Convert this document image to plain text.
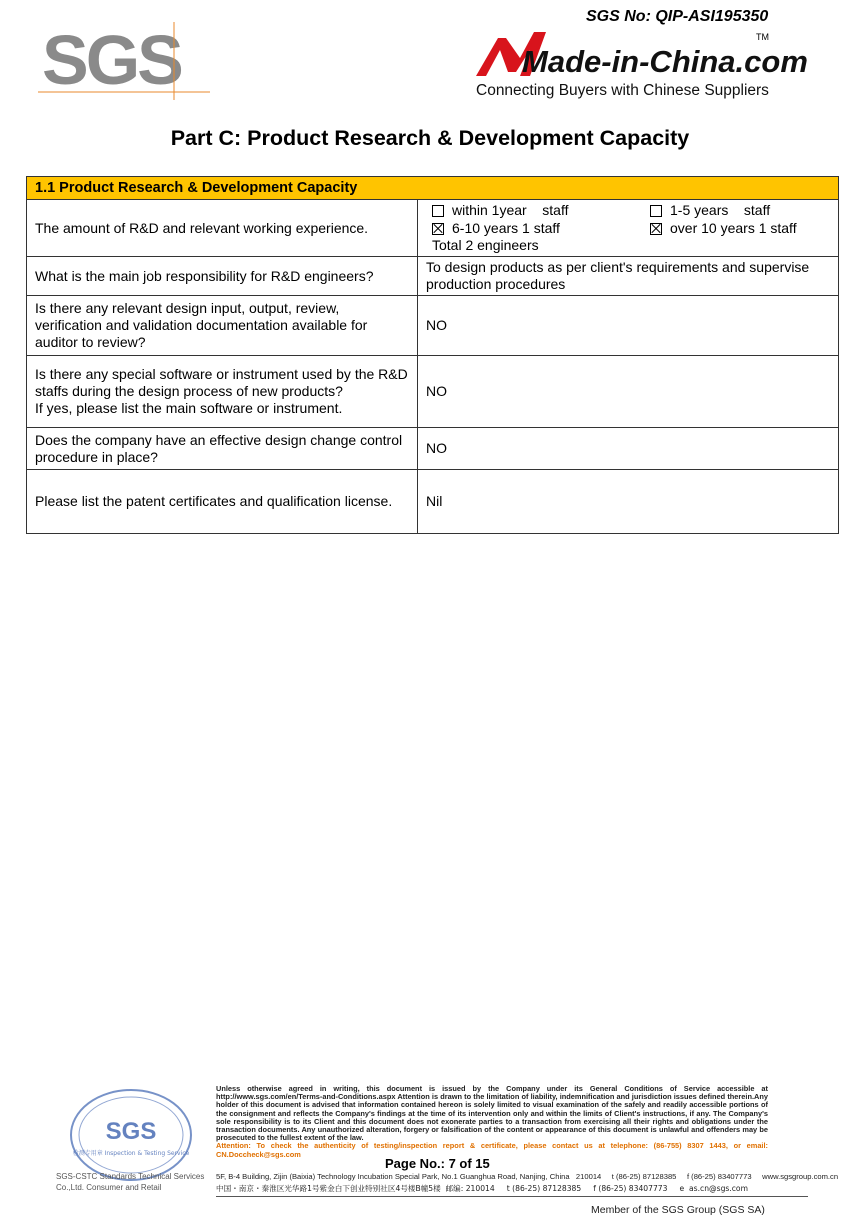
SGS
SGS No: QIP-ASI195350
Made-in-China.com
TM
Connecting Buyers with Chinese Suppliers
Part C: Product Research & Development Capacity
1.1 Product Research & Development Capacity	
The amount of R&D and relevant working experience.	within 1year    staff 1-5 years    staff
6-10 years 1 staff over 10 years 1 staff
Total 2 engineers

What is the main job responsibility for R&D engineers?	To design products as per client's requirements and supervise production procedures
Is there any relevant design input, output, review, verification and validation documentation available for auditor to review?	NO

Is there any special software or instrument used by the R&D staffs during the design process of new products?
If yes, please list the main software or instrument.	NO
Does the company have an effective design change control procedure in place?	NO
Please list the patent certificates and qualification license.	Nil
SGS
检测专用章 Inspection & Testing Service
Unless otherwise agreed in writing, this document is issued by the Company under its General Conditions of Service accessible at http://www.sgs.com/en/Terms-and-Conditions.aspx Attention is drawn to the limitation of liability, indemnification and jurisdiction issues defined therein.Any holder of this document is advised that information contained hereon is solely limited to visual examination of the safely and readily accessible portions of the consignment and reflects the Company's findings at the time of its intervention only and within the limits of Client's instructions, if any. The Company's sole responsibility is to its Client and this document does not exonerate parties to a transaction from exercising all their rights and obligations under the transaction documents. Any unauthorized alteration, forgery or falsification of the content or appearance of this document is unlawful and offenders may be prosecuted to the fullest extent of the law.
Attention: To check the authenticity of testing/inspection report & certificate, please contact us at telephone: (86-755) 8307 1443, or email: CN.Doccheck@sgs.com
Page No.: 7 of 15
SGS-CSTC Standards Technical Services Co.,Ltd. Consumer and Retail
5F, B-4 Building, Zijin (Baixia) Technology Incubation Special Park, No.1 Guanghua Road, Nanjing, China   210014     t (86-25) 87128385     f (86-25) 83407773     www.sgsgroup.com.cn
中国・南京・秦淮区光华路1号紫金白下创业特别社区4号楼B幢5楼  邮编: 210014     t (86-25) 87128385     f (86-25) 83407773     e  as.cn@sgs.com
Member of the SGS Group (SGS SA)
